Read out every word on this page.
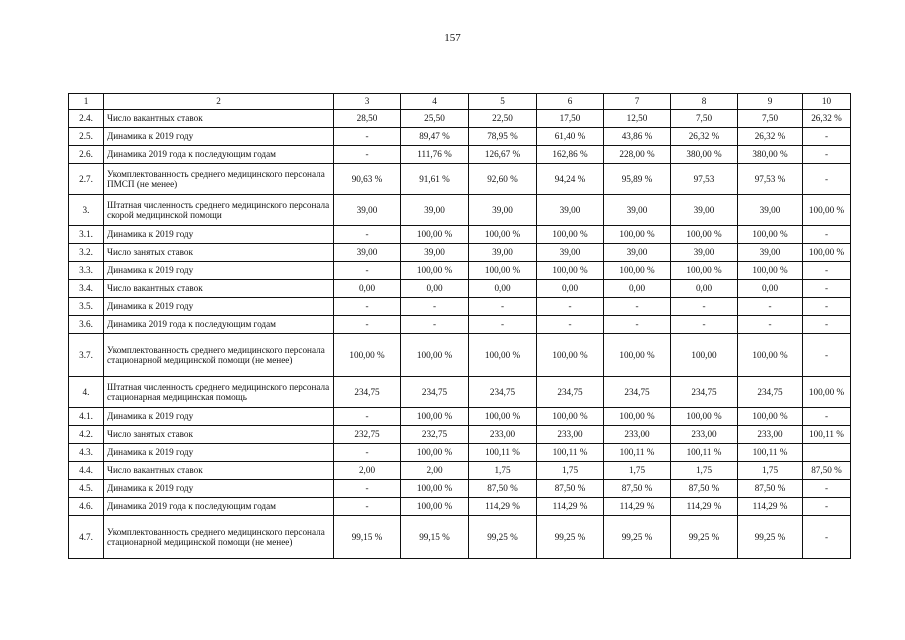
157
1	2	3	4	5	6	7	8	9	10
2.4.	Число вакантных ставок	28,50	25,50	22,50	17,50	12,50	7,50	7,50	26,32 %
2.5.	Динамика к 2019 году	-	89,47 %	78,95 %	61,40 %	43,86 %	26,32 %	26,32 %	-
2.6.	Динамика 2019 года к последующим годам	-	111,76 %	126,67 %	162,86 %	228,00 %	380,00 %	380,00 %	-
2.7.	Укомплектованность среднего медицинского персонала ПМСП (не менее)	90,63 %	91,61 %	92,60 %	94,24 %	95,89 %	97,53	97,53 %	-
3.	Штатная численность среднего медицинского персонала скорой медицинской помощи	39,00	39,00	39,00	39,00	39,00	39,00	39,00	100,00 %
3.1.	Динамика к 2019 году	-	100,00 %	100,00 %	100,00 %	100,00 %	100,00 %	100,00 %	-
3.2.	Число занятых ставок	39,00	39,00	39,00	39,00	39,00	39,00	39,00	100,00 %
3.3.	Динамика к 2019 году	-	100,00 %	100,00 %	100,00 %	100,00 %	100,00 %	100,00 %	-
3.4.	Число вакантных ставок	0,00	0,00	0,00	0,00	0,00	0,00	0,00	-
3.5.	Динамика к 2019 году	-	-	-	-	-	-	-	-
3.6.	Динамика 2019 года к последующим годам	-	-	-	-	-	-	-	-
3.7.	Укомплектованность среднего медицинского персонала стационарной медицинской помощи (не менее)	100,00 %	100,00 %	100,00 %	100,00 %	100,00 %	100,00	100,00 %	-
4.	Штатная численность среднего медицинского персонала стационарная медицинская помощь	234,75	234,75	234,75	234,75	234,75	234,75	234,75	100,00 %
4.1.	Динамика к 2019 году	-	100,00 %	100,00 %	100,00 %	100,00 %	100,00 %	100,00 %	-
4.2.	Число занятых ставок	232,75	232,75	233,00	233,00	233,00	233,00	233,00	100,11 %
4.3.	Динамика к 2019 году	-	100,00 %	100,11 %	100,11 %	100,11 %	100,11 %	100,11 %	
4.4.	Число вакантных ставок	2,00	2,00	1,75	1,75	1,75	1,75	1,75	87,50 %
4.5.	Динамика к 2019 году	-	100,00 %	87,50 %	87,50 %	87,50 %	87,50 %	87,50 %	-
4.6.	Динамика 2019 года к последующим годам	-	100,00 %	114,29 %	114,29 %	114,29 %	114,29 %	114,29 %	-
4.7.	Укомплектованность среднего медицинского персонала стационарной медицинской помощи (не менее)	99,15 %	99,15 %	99,25 %	99,25 %	99,25 %	99,25 %	99,25 %	-
